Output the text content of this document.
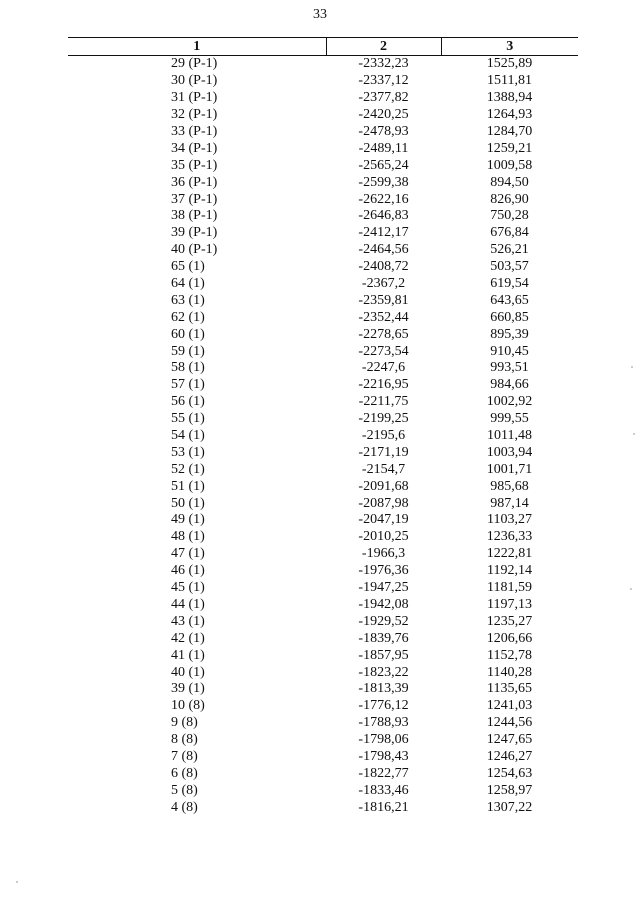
33
1	2	3
29 (P-1)	-2332,23	1525,89
30 (P-1)	-2337,12	1511,81
31 (P-1)	-2377,82	1388,94
32 (P-1)	-2420,25	1264,93
33 (P-1)	-2478,93	1284,70
34 (P-1)	-2489,11	1259,21
35 (P-1)	-2565,24	1009,58
36 (P-1)	-2599,38	894,50
37 (P-1)	-2622,16	826,90
38 (P-1)	-2646,83	750,28
39 (P-1)	-2412,17	676,84
40 (P-1)	-2464,56	526,21
65 (1)	-2408,72	503,57
64 (1)	-2367,2	619,54
63 (1)	-2359,81	643,65
62 (1)	-2352,44	660,85
60 (1)	-2278,65	895,39
59 (1)	-2273,54	910,45
58 (1)	-2247,6	993,51
57 (1)	-2216,95	984,66
56 (1)	-2211,75	1002,92
55 (1)	-2199,25	999,55
54 (1)	-2195,6	1011,48
53 (1)	-2171,19	1003,94
52 (1)	-2154,7	1001,71
51 (1)	-2091,68	985,68
50 (1)	-2087,98	987,14
49 (1)	-2047,19	1103,27
48 (1)	-2010,25	1236,33
47 (1)	-1966,3	1222,81
46 (1)	-1976,36	1192,14
45 (1)	-1947,25	1181,59
44 (1)	-1942,08	1197,13
43 (1)	-1929,52	1235,27
42 (1)	-1839,76	1206,66
41 (1)	-1857,95	1152,78
40 (1)	-1823,22	1140,28
39 (1)	-1813,39	1135,65
10 (8)	-1776,12	1241,03
9 (8)	-1788,93	1244,56
8 (8)	-1798,06	1247,65
7 (8)	-1798,43	1246,27
6 (8)	-1822,77	1254,63
5 (8)	-1833,46	1258,97
4 (8)	-1816,21	1307,22
